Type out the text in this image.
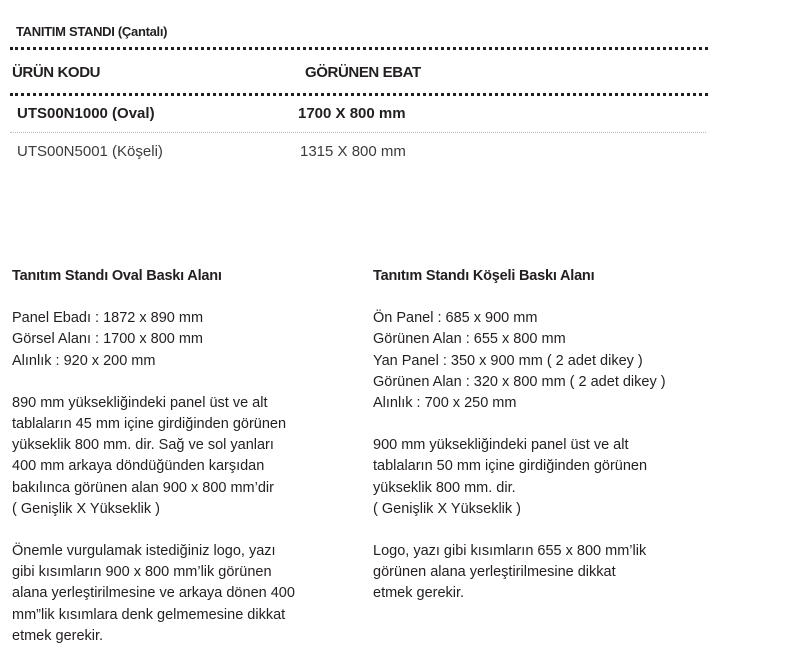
TANITIM STANDI (Çantalı)
ÜRÜN KODU	GÖRÜNEN EBAT
UTS00N1000 (Oval)	1700 X 800 mm
UTS00N5001 (Köşeli)	1315 X 800 mm
Tanıtım Standı Oval Baskı Alanı
Panel Ebadı : 1872 x 890 mm
Görsel Alanı : 1700 x 800 mm
Alınlık : 920 x 200 mm
890 mm yüksekliğindeki panel üst ve alt
tablaların 45 mm içine girdiğinden görünen
yükseklik 800 mm. dir. Sağ ve sol yanları
400 mm arkaya döndüğünden karşıdan
bakılınca görünen alan 900 x 800 mm’dir
( Genişlik X Yükseklik )
Önemle vurgulamak istediğiniz logo, yazı
gibi kısımların 900 x 800 mm’lik görünen
alana yerleştirilmesine ve arkaya dönen 400
mm”lik kısımlara denk gelmemesine dikkat
etmek gerekir.
Tanıtım Standı Köşeli Baskı Alanı
Ön Panel : 685 x 900 mm
Görünen Alan : 655 x 800 mm
Yan Panel : 350 x 900 mm ( 2 adet dikey )
Görünen Alan : 320 x 800 mm ( 2 adet dikey )
Alınlık : 700 x 250 mm
900 mm yüksekliğindeki panel üst ve alt
tablaların 50 mm içine girdiğinden görünen
yükseklik 800 mm. dir.
( Genişlik X Yükseklik )
Logo, yazı gibi kısımların 655 x 800 mm’lik
görünen alana yerleştirilmesine dikkat
etmek gerekir.
